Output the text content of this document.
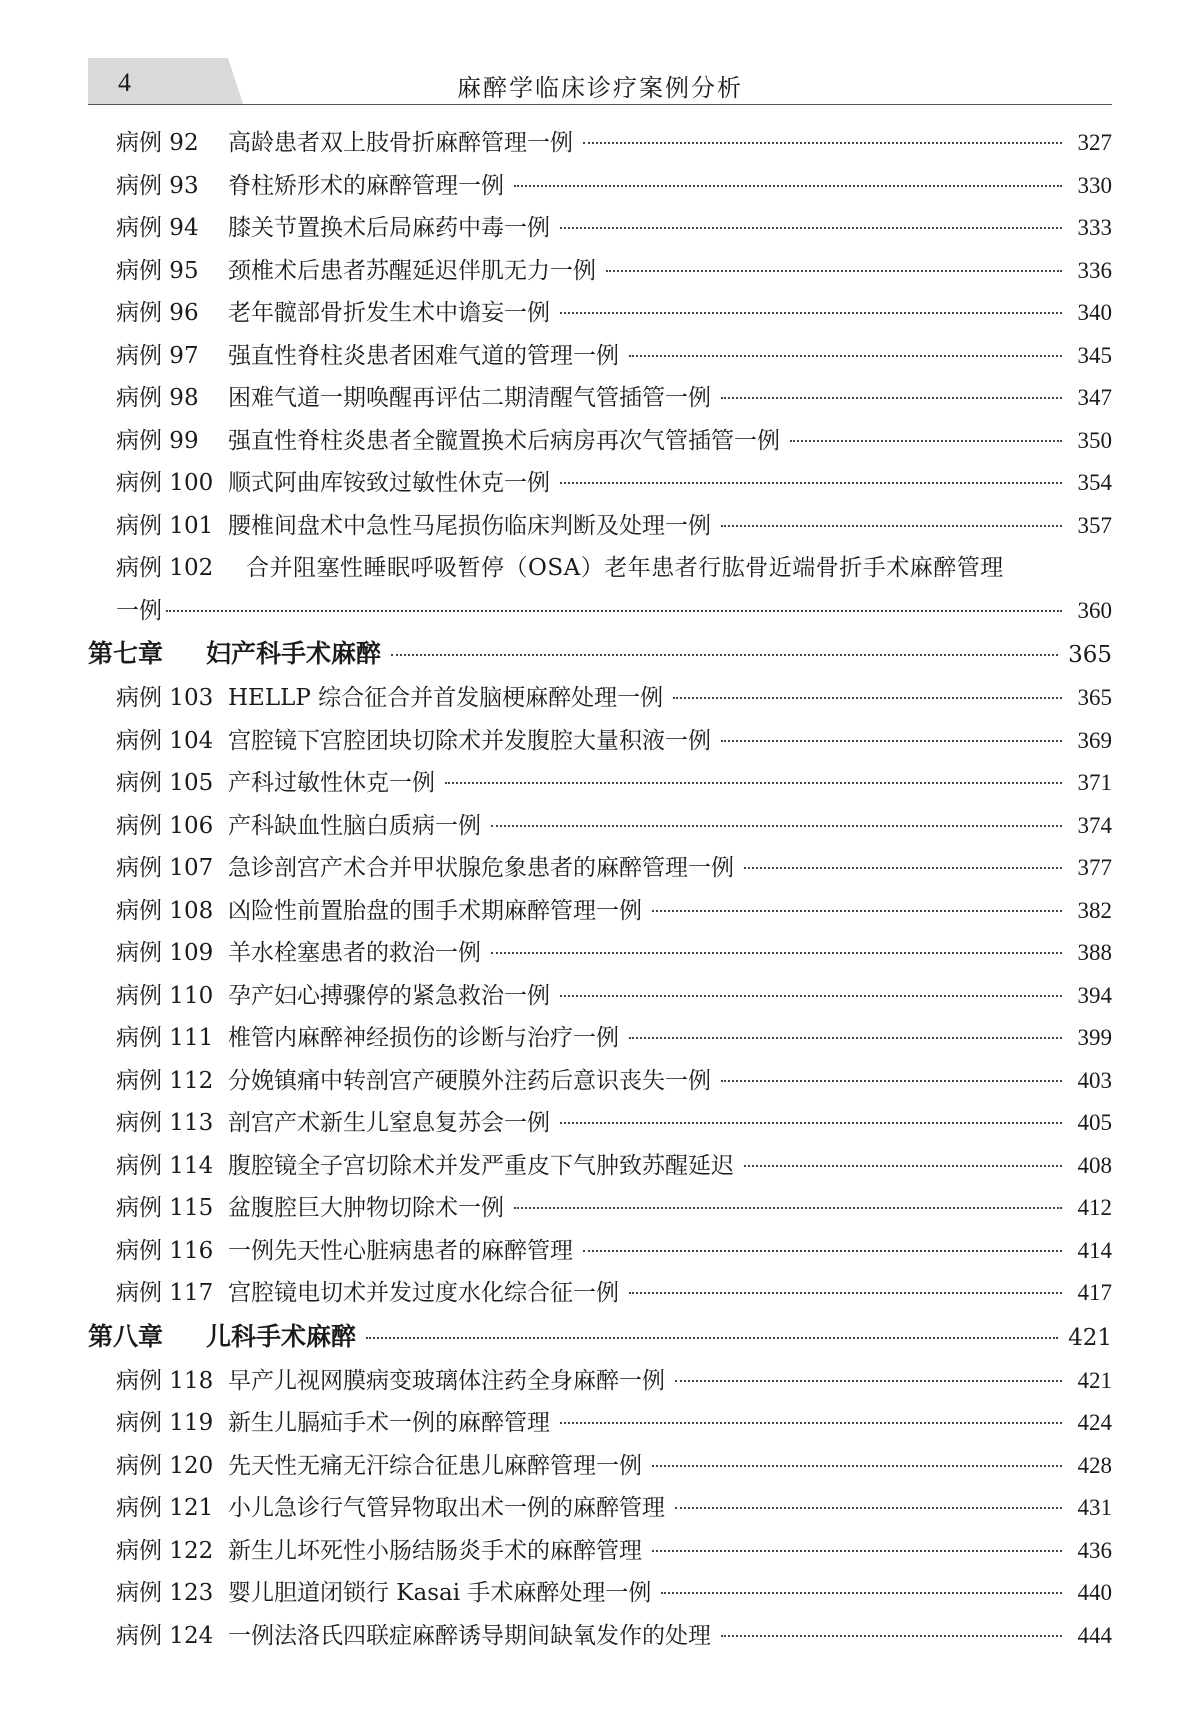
4	麻醉学临床诊疗案例分析
病例 92	高龄患者双上肢骨折麻醉管理一例	327
病例 93	脊柱矫形术的麻醉管理一例	330
病例 94	膝关节置换术后局麻药中毒一例	333
病例 95	颈椎术后患者苏醒延迟伴肌无力一例	336
病例 96	老年髋部骨折发生术中谵妄一例	340
病例 97	强直性脊柱炎患者困难气道的管理一例	345
病例 98	困难气道一期唤醒再评估二期清醒气管插管一例	347
病例 99	强直性脊柱炎患者全髋置换术后病房再次气管插管一例	350
病例 100 顺式阿曲库铵致过敏性休克一例	354
病例 101 腰椎间盘术中急性马尾损伤临床判断及处理一例	357
病例 102	合并阻塞性睡眠呼吸暂停（OSA）老年患者行肱骨近端骨折手术麻醉管理
一例	360
第七章	妇产科手术麻醉	365
病例 103 HELLP 综合征合并首发脑梗麻醉处理一例	365
病例 104 宫腔镜下宫腔团块切除术并发腹腔大量积液一例	369
病例 105 产科过敏性休克一例	371
病例 106 产科缺血性脑白质病一例	374
病例 107 急诊剖宫产术合并甲状腺危象患者的麻醉管理一例	377
病例 108 凶险性前置胎盘的围手术期麻醉管理一例	382
病例 109 羊水栓塞患者的救治一例	388
病例 110 孕产妇心搏骤停的紧急救治一例	394
病例 111 椎管内麻醉神经损伤的诊断与治疗一例	399
病例 112 分娩镇痛中转剖宫产硬膜外注药后意识丧失一例	403
病例 113 剖宫产术新生儿窒息复苏会一例	405
病例 114 腹腔镜全子宫切除术并发严重皮下气肿致苏醒延迟	408
病例 115 盆腹腔巨大肿物切除术一例	412
病例 116 一例先天性心脏病患者的麻醉管理	414
病例 117 宫腔镜电切术并发过度水化综合征一例	417
第八章	儿科手术麻醉	421
病例 118 早产儿视网膜病变玻璃体注药全身麻醉一例	421
病例 119 新生儿膈疝手术一例的麻醉管理	424
病例 120 先天性无痛无汗综合征患儿麻醉管理一例	428
病例 121 小儿急诊行气管异物取出术一例的麻醉管理	431
病例 122 新生儿坏死性小肠结肠炎手术的麻醉管理	436
病例 123 婴儿胆道闭锁行 Kasai 手术麻醉处理一例	440
病例 124 一例法洛氏四联症麻醉诱导期间缺氧发作的处理	444
